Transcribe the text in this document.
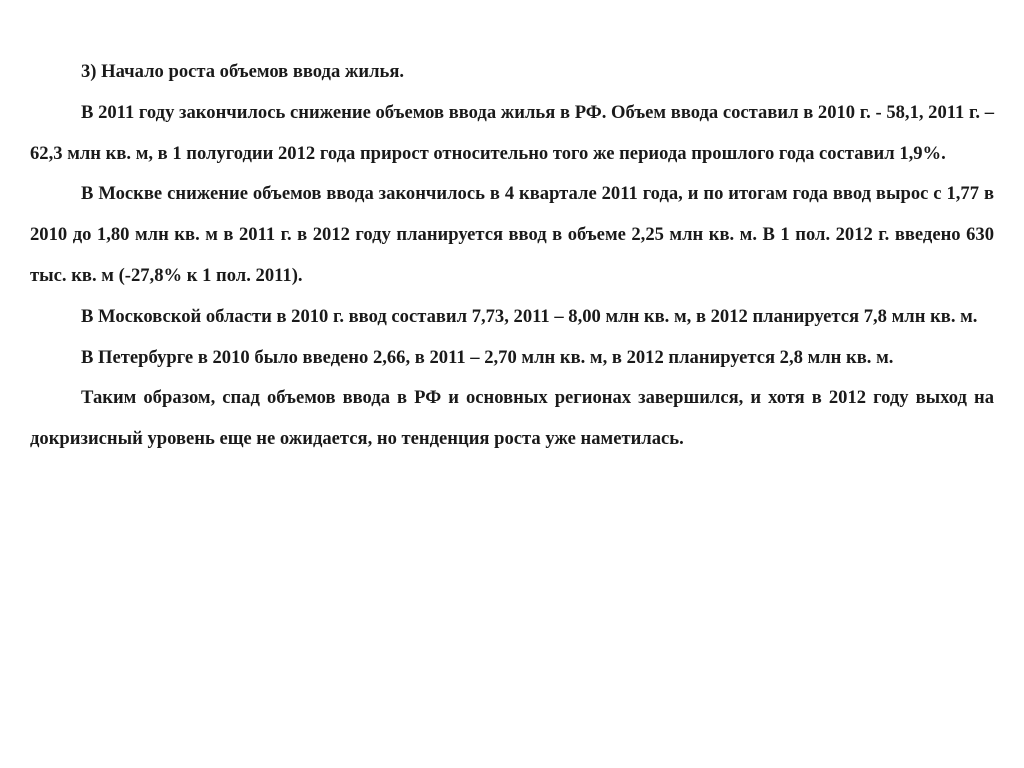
3) Начало роста объемов ввода жилья.

В 2011 году закончилось снижение объемов ввода жилья в РФ. Объем ввода составил в 2010 г. - 58,1, 2011 г. – 62,3 млн кв. м, в 1 полугодии 2012 года прирост относительно того же периода прошлого года составил 1,9%.

В Москве снижение объемов ввода закончилось в 4 квартале 2011 года, и по итогам года ввод вырос с 1,77 в 2010 до 1,80 млн кв. м в 2011 г. в 2012 году планируется ввод в объеме 2,25 млн кв. м. В 1 пол. 2012 г. введено 630 тыс. кв. м (-27,8% к 1 пол. 2011).

В Московской области в 2010 г. ввод составил 7,73, 2011 – 8,00 млн кв. м, в 2012 планируется 7,8 млн кв. м.

В Петербурге в 2010 было введено 2,66, в 2011 – 2,70 млн кв. м, в 2012 планируется 2,8 млн кв. м.

Таким образом, спад объемов ввода в РФ и основных регионах завершился, и хотя в 2012 году выход на докризисный уровень еще не ожидается, но тенденция роста уже наметилась.
